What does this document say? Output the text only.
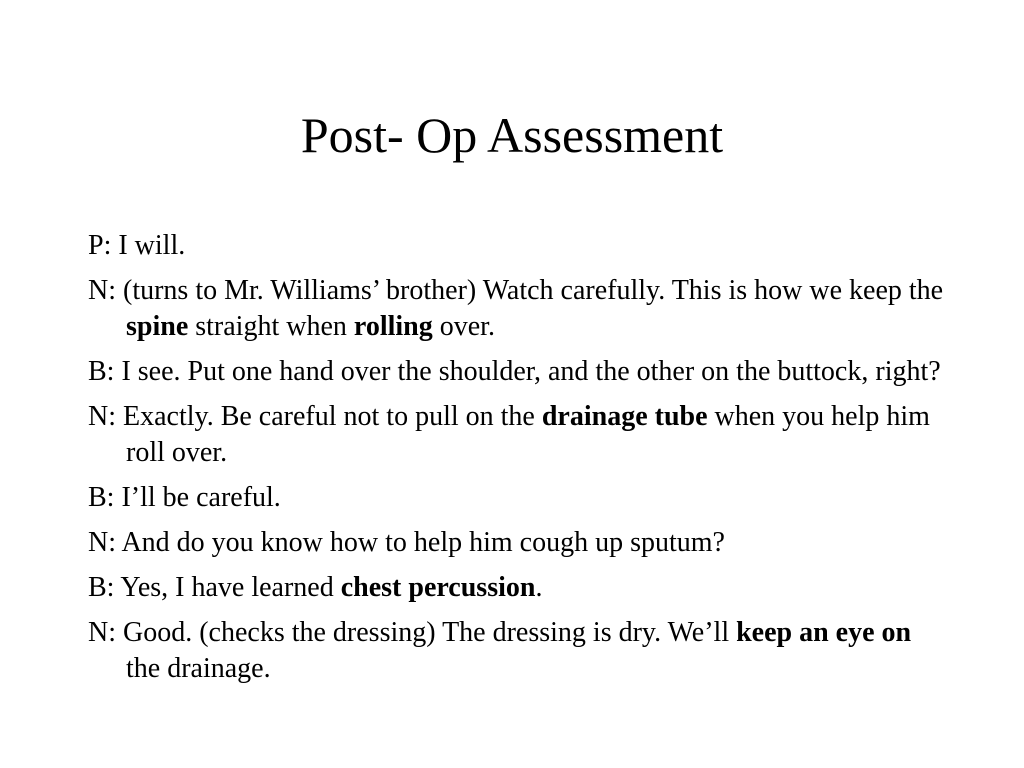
Post- Op Assessment
P: I will.
N: (turns to Mr. Williams’ brother) Watch carefully. This is how we keep the spine straight when rolling over.
B: I see. Put one hand over the shoulder, and the other on the buttock, right?
N: Exactly. Be careful not to pull on the drainage tube when you help him roll over.
B: I’ll be careful.
N: And do you know how to help him cough up sputum?
B: Yes, I have learned chest percussion.
N: Good. (checks the dressing) The dressing is dry. We’ll keep an eye on the drainage.
